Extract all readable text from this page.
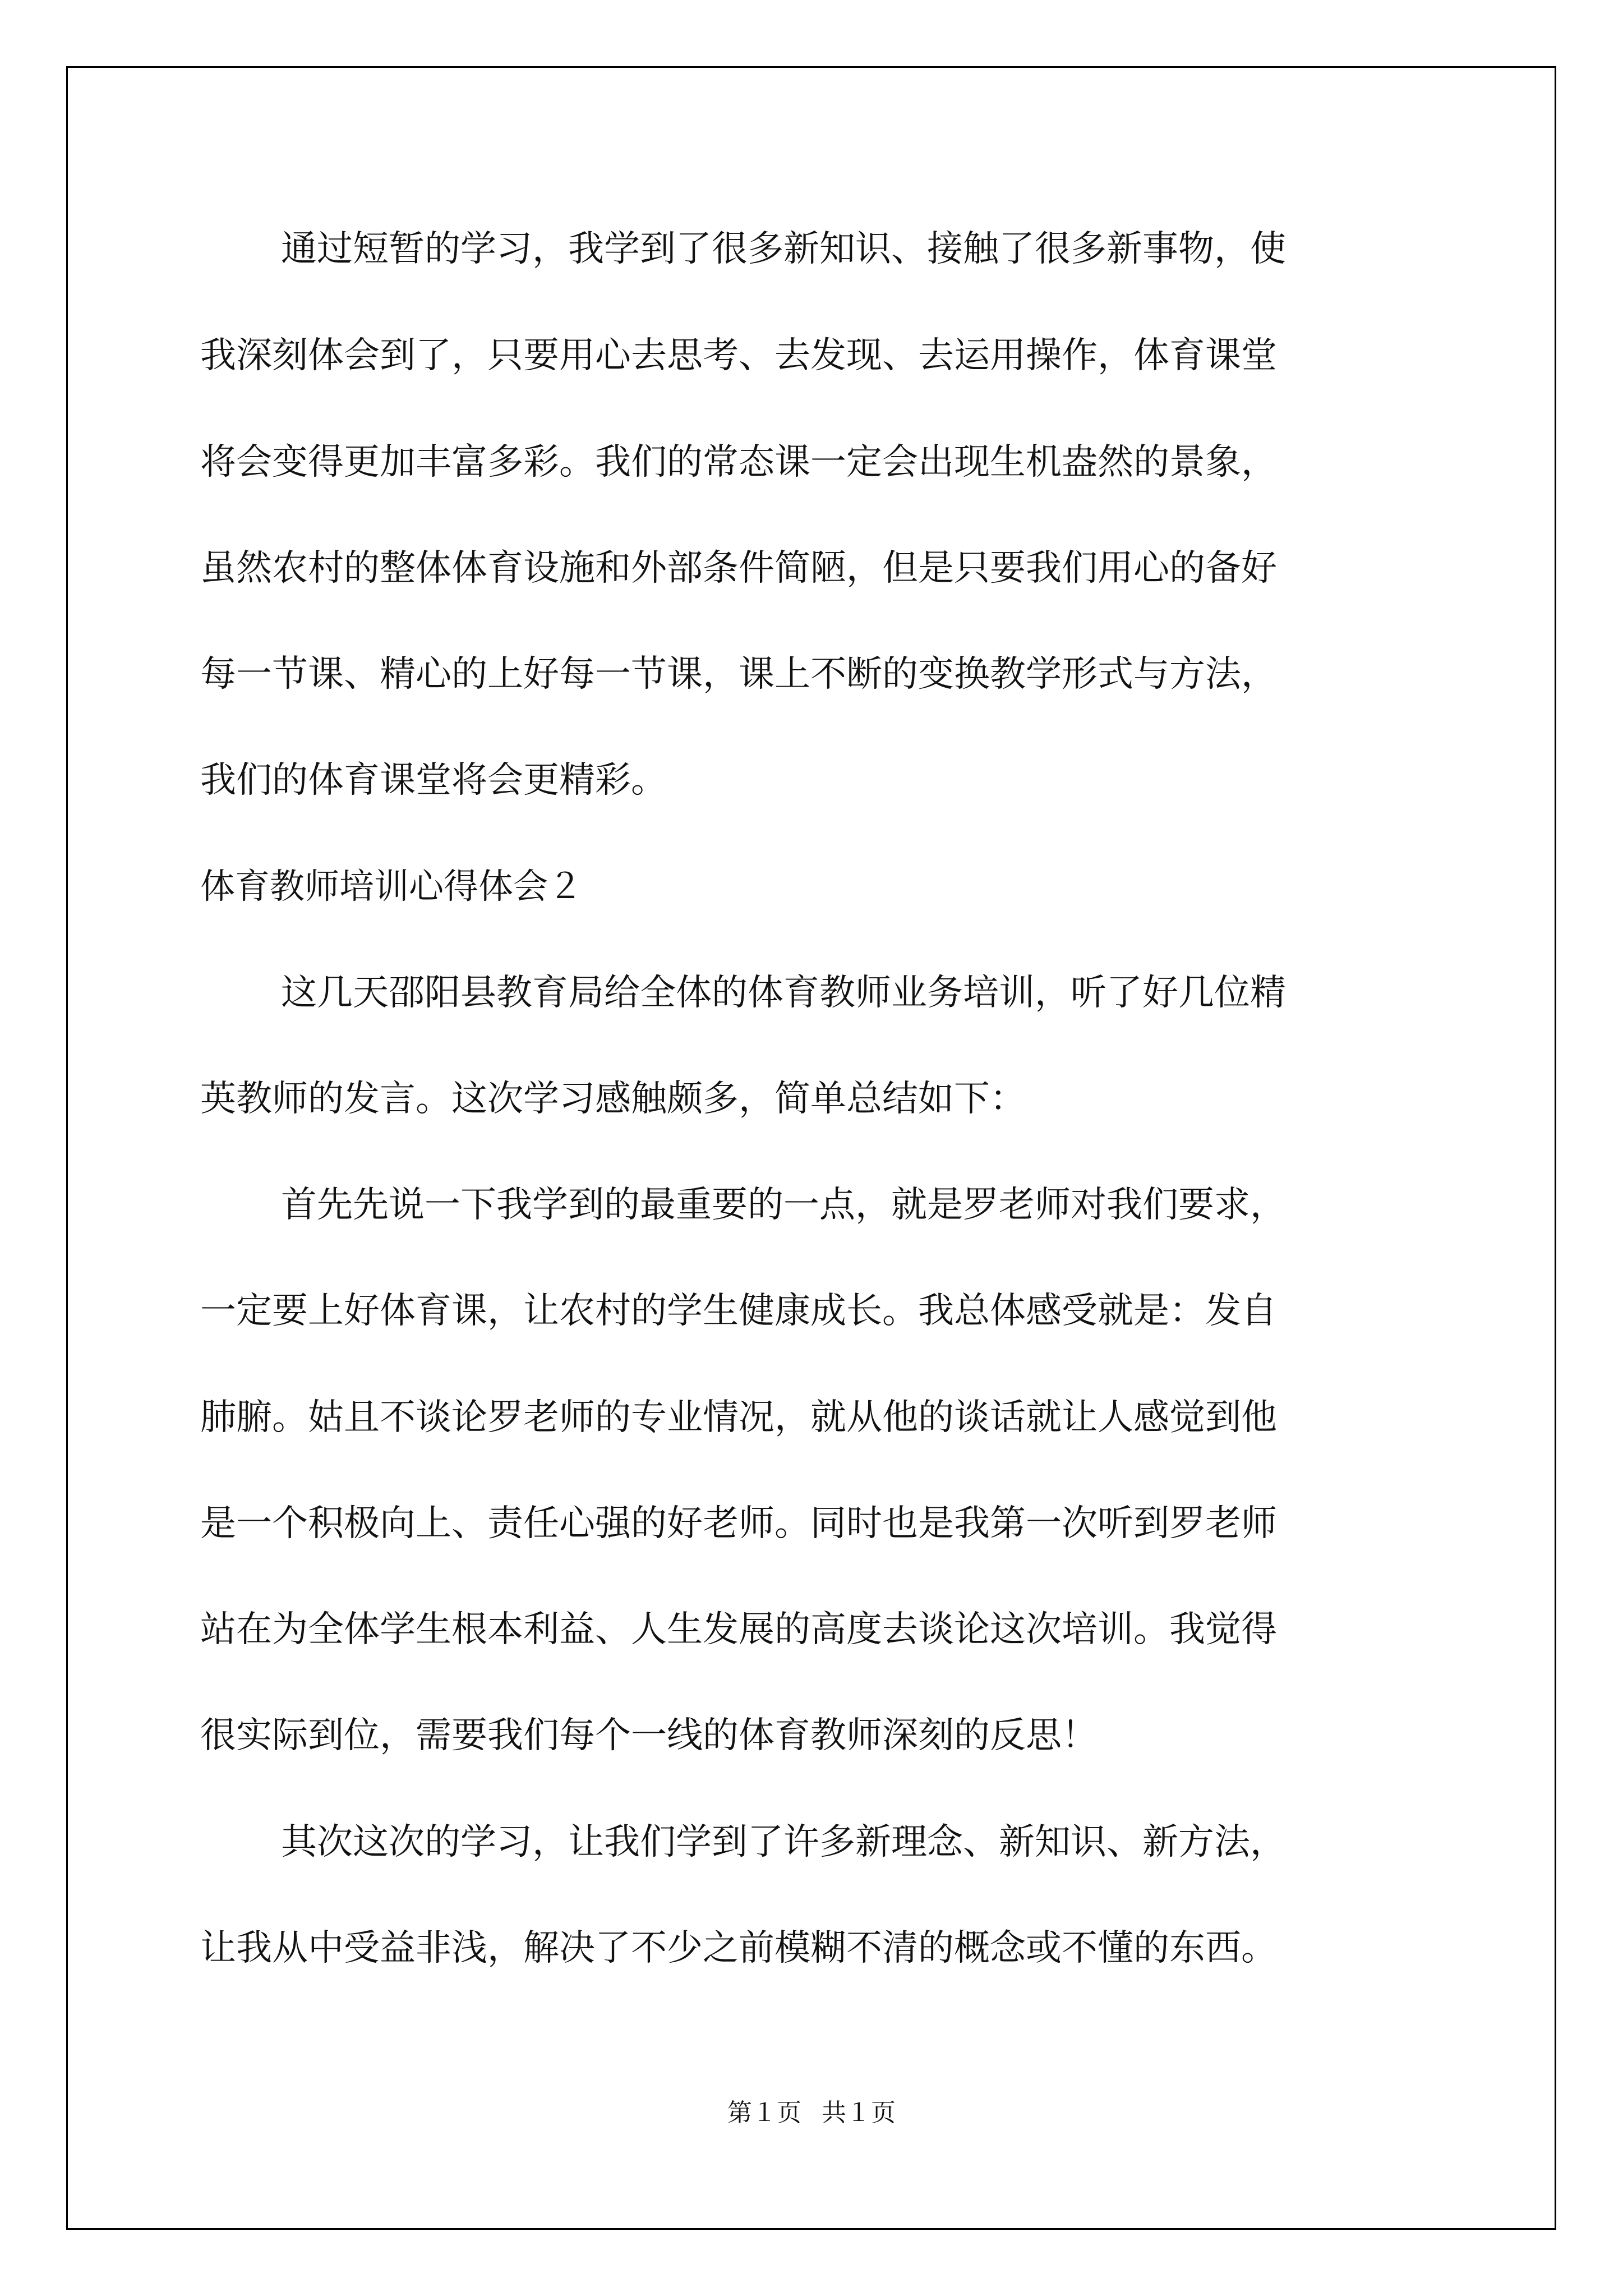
通过短暂的学习，我学到了很多新知识、接触了很多新事物，使
我深刻体会到了，只要用心去思考、去发现、去运用操作，体育课堂
将会变得更加丰富多彩。我们的常态课一定会出现生机盎然的景象，
虽然农村的整体体育设施和外部条件简陋，但是只要我们用心的备好
每一节课、精心的上好每一节课，课上不断的变换教学形式与方法，
我们的体育课堂将会更精彩。
体育教师培训心得体会２
这几天邵阳县教育局给全体的体育教师业务培训，听了好几位精
英教师的发言。这次学习感触颇多，简单总结如下：
首先先说一下我学到的最重要的一点，就是罗老师对我们要求，
一定要上好体育课，让农村的学生健康成长。我总体感受就是：发自
肺腑。姑且不谈论罗老师的专业情况，就从他的谈话就让人感觉到他
是一个积极向上、责任心强的好老师。同时也是我第一次听到罗老师
站在为全体学生根本利益、人生发展的高度去谈论这次培训。我觉得
很实际到位，需要我们每个一线的体育教师深刻的反思！
其次这次的学习，让我们学到了许多新理念、新知识、新方法，
让我从中受益非浅，解决了不少之前模糊不清的概念或不懂的东西。
第１页 共１页
